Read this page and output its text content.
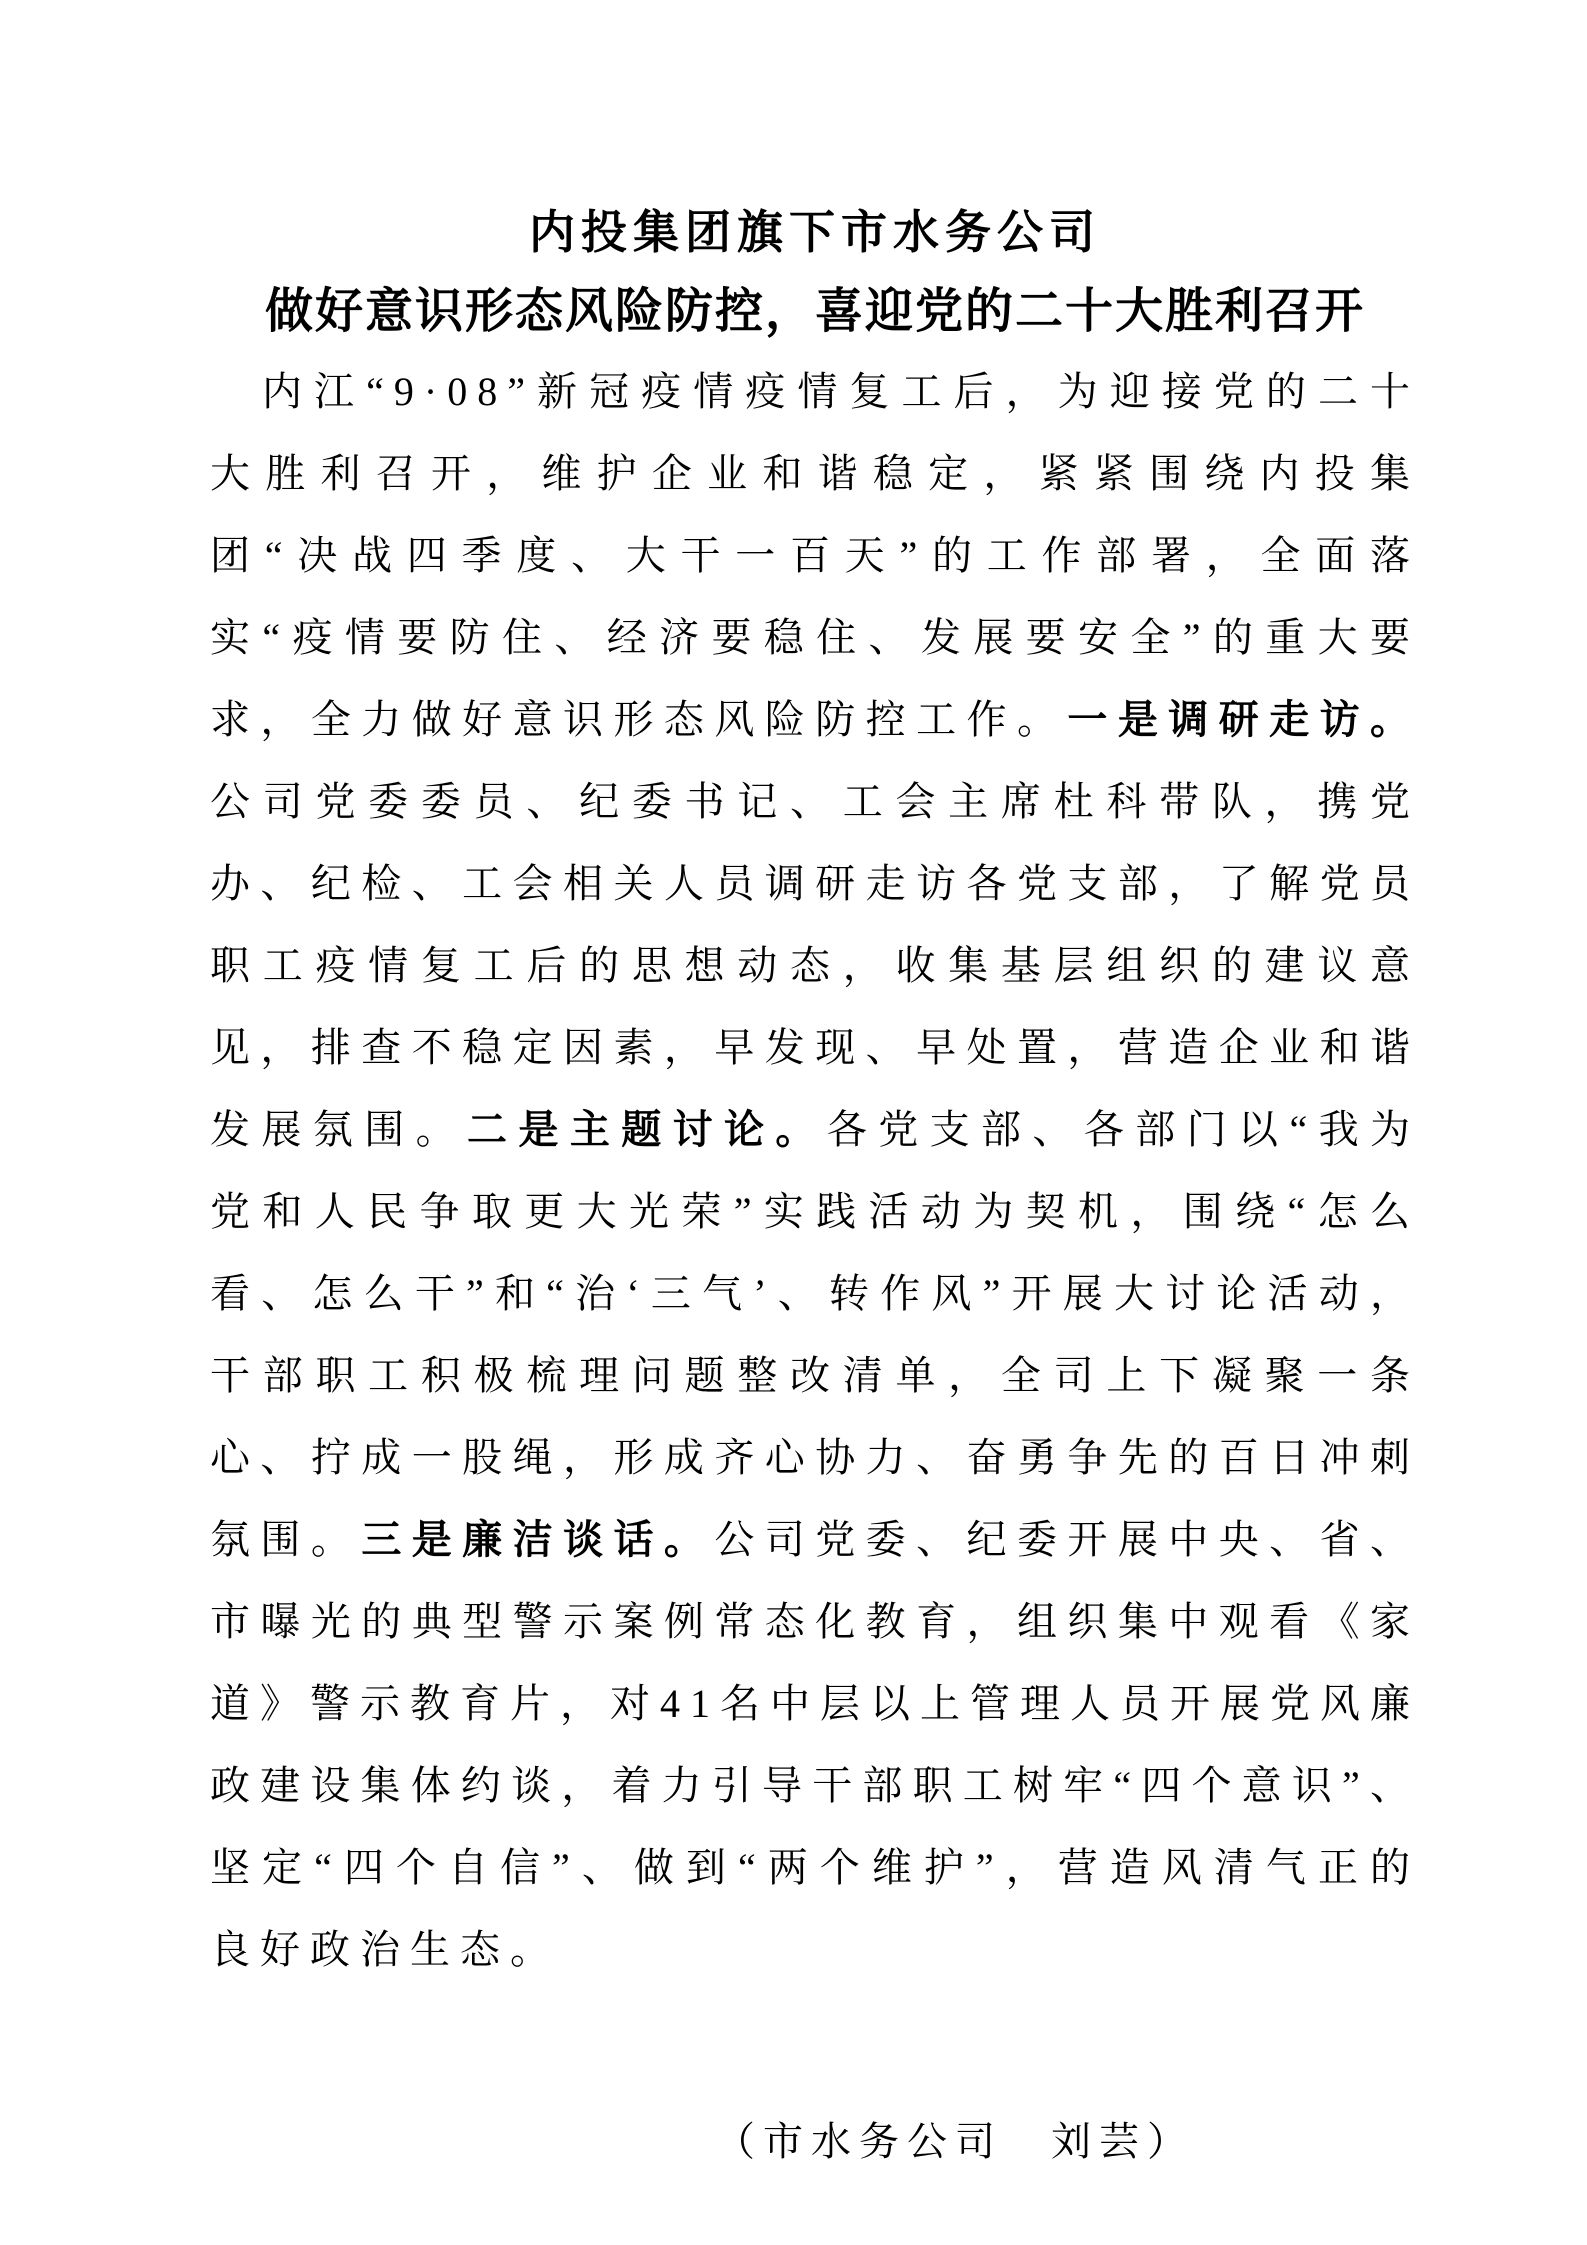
内投集团旗下市水务公司
做好意识形态风险防控，喜迎党的二十大胜利召开

内江“9·08”新冠疫情疫情复工后，为迎接党的二十大胜利召开，维护企业和谐稳定，紧紧围绕内投集团“决战四季度、大干一百天”的工作部署，全面落实“疫情要防住、经济要稳住、发展要安全”的重大要求，全力做好意识形态风险防控工作。一是调研走访。公司党委委员、纪委书记、工会主席杜科带队，携党办、纪检、工会相关人员调研走访各党支部，了解党员职工疫情复工后的思想动态，收集基层组织的建议意见，排查不稳定因素，早发现、早处置，营造企业和谐发展氛围。二是主题讨论。各党支部、各部门以“我为党和人民争取更大光荣”实践活动为契机，围绕“怎么看、怎么干”和“治‘三气’、转作风”开展大讨论活动，干部职工积极梳理问题整改清单，全司上下凝聚一条心、拧成一股绳，形成齐心协力、奋勇争先的百日冲刺氛围。三是廉洁谈话。公司党委、纪委开展中央、省、市曝光的典型警示案例常态化教育，组织集中观看《家道》警示教育片，对41名中层以上管理人员开展党风廉政建设集体约谈，着力引导干部职工树牢“四个意识”、坚定“四个自信”、做到“两个维护”，营造风清气正的良好政治生态。

（市水务公司　刘芸）
